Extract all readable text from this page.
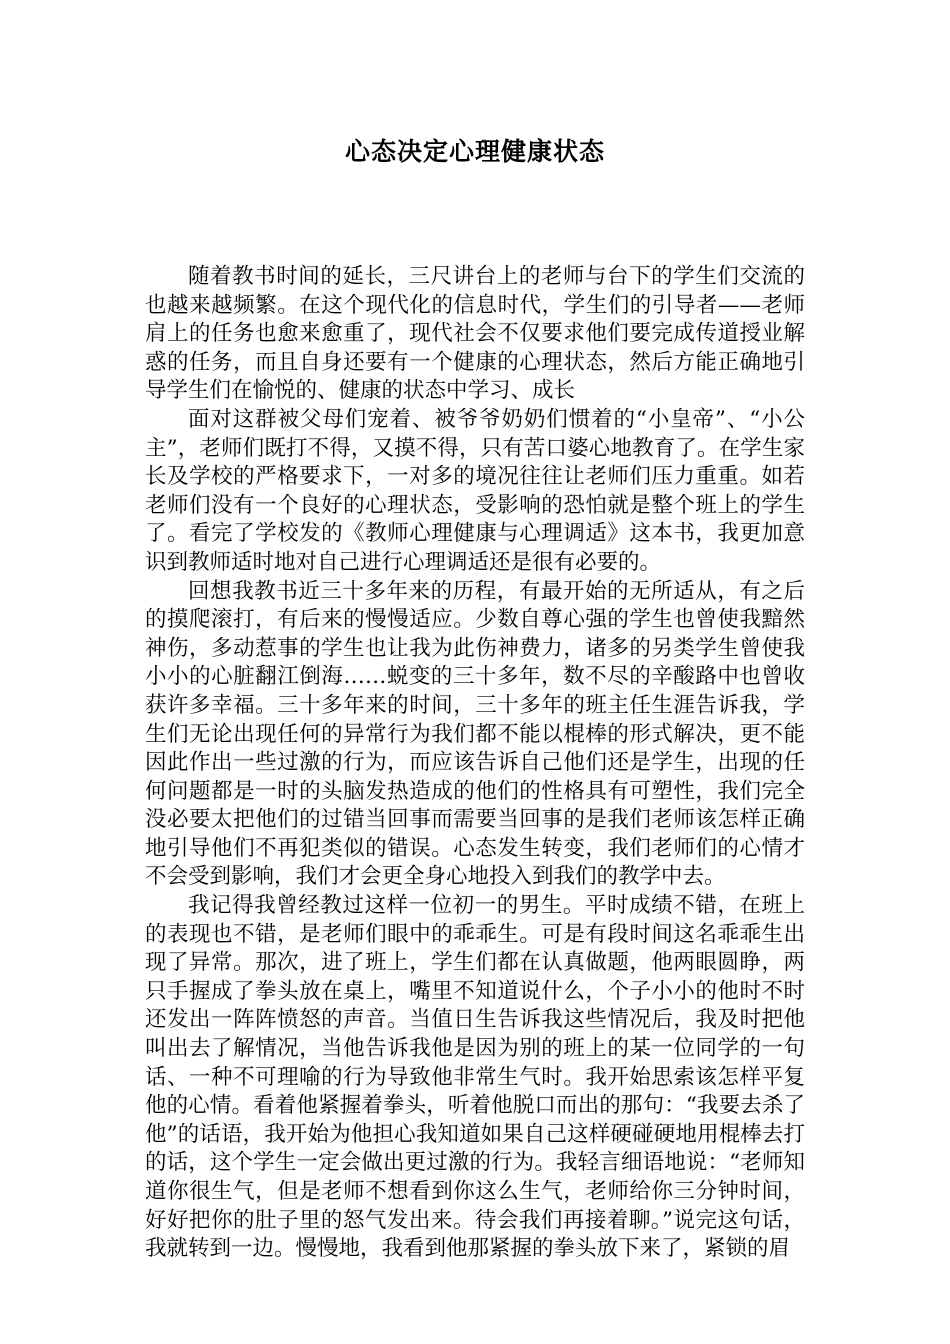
心态决定心理健康状态

随着教书时间的延长，三尺讲台上的老师与台下的学生们交流的也越来越频繁。在这个现代化的信息时代，学生们的引导者——老师肩上的任务也愈来愈重了，现代社会不仅要求他们要完成传道授业解惑的任务，而且自身还要有一个健康的心理状态，然后方能正确地引导学生们在愉悦的、健康的状态中学习、成长

面对这群被父母们宠着、被爷爷奶奶们惯着的“小皇帝”、“小公主”，老师们既打不得，又摸不得，只有苦口婆心地教育了。在学生家长及学校的严格要求下，一对多的境况往往让老师们压力重重。如若老师们没有一个良好的心理状态，受影响的恐怕就是整个班上的学生了。看完了学校发的《教师心理健康与心理调适》这本书，我更加意识到教师适时地对自己进行心理调适还是很有必要的。

回想我教书近三十多年来的历程，有最开始的无所适从，有之后的摸爬滚打，有后来的慢慢适应。少数自尊心强的学生也曾使我黯然神伤，多动惹事的学生也让我为此伤神费力，诸多的另类学生曾使我小小的心脏翻江倒海……蜕变的三十多年，数不尽的辛酸路中也曾收获许多幸福。三十多年来的时间，三十多年的班主任生涯告诉我，学生们无论出现任何的异常行为我们都不能以棍棒的形式解决，更不能因此作出一些过激的行为，而应该告诉自己他们还是学生，出现的任何问题都是一时的头脑发热造成的他们的性格具有可塑性，我们完全没必要太把他们的过错当回事而需要当回事的是我们老师该怎样正确地引导他们不再犯类似的错误。心态发生转变，我们老师们的心情才不会受到影响，我们才会更全身心地投入到我们的教学中去。

我记得我曾经教过这样一位初一的男生。平时成绩不错，在班上的表现也不错，是老师们眼中的乖乖生。可是有段时间这名乖乖生出现了异常。那次，进了班上，学生们都在认真做题，他两眼圆睁，两只手握成了拳头放在桌上，嘴里不知道说什么，个子小小的他时不时还发出一阵阵愤怒的声音。当值日生告诉我这些情况后，我及时把他叫出去了解情况，当他告诉我他是因为别的班上的某一位同学的一句话、一种不可理喻的行为导致他非常生气时。我开始思索该怎样平复他的心情。看着他紧握着拳头，听着他脱口而出的那句：“我要去杀了他”的话语，我开始为他担心我知道如果自己这样硬碰硬地用棍棒去打的话，这个学生一定会做出更过激的行为。我轻言细语地说：“老师知道你很生气，但是老师不想看到你这么生气，老师给你三分钟时间，好好把你的肚子里的怒气发出来。待会我们再接着聊。”说完这句话，我就转到一边。慢慢地，我看到他那紧握的拳头放下来了，紧锁的眉
